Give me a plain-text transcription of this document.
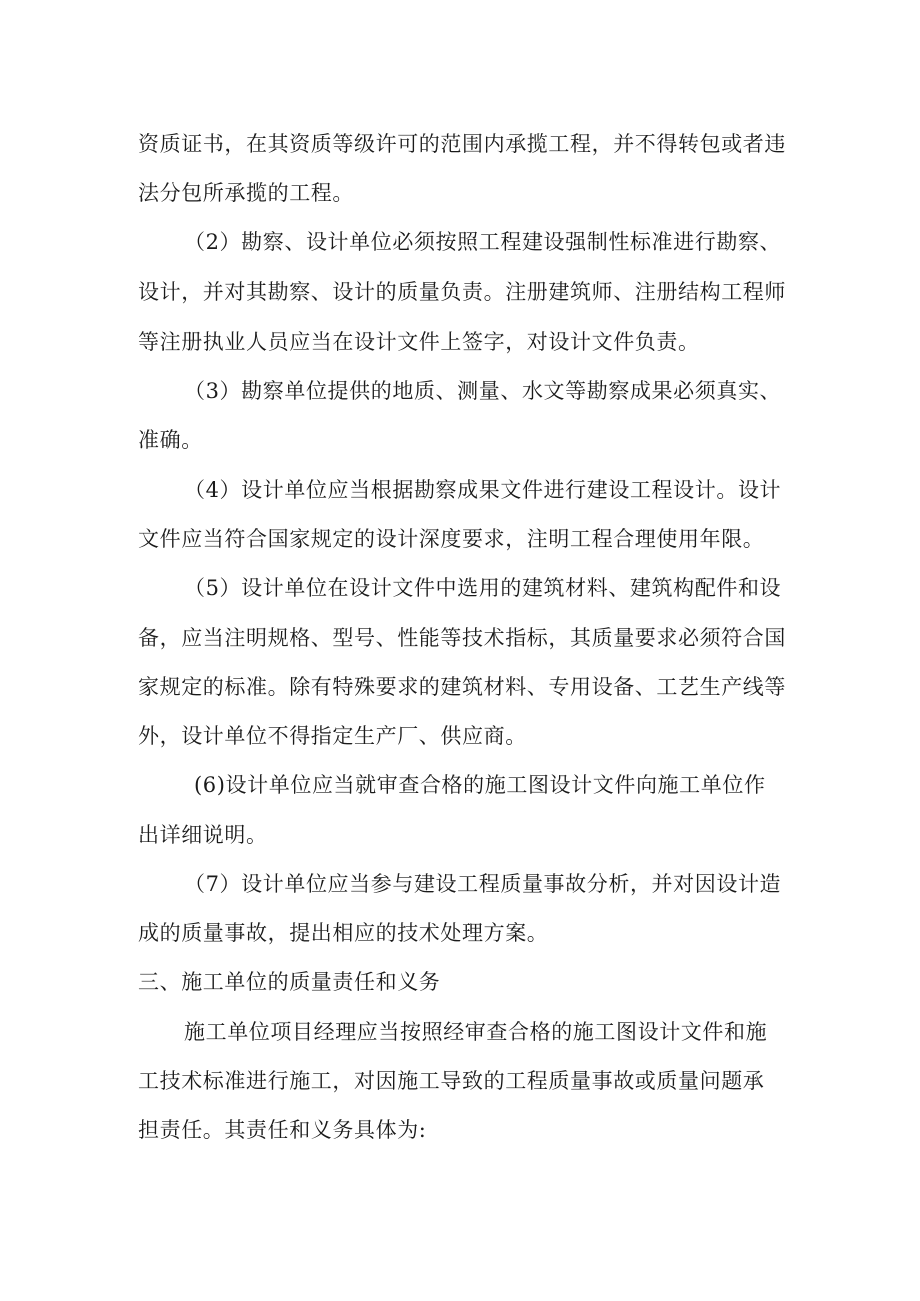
资质证书，在其资质等级许可的范围内承揽工程，并不得转包或者违
法分包所承揽的工程。
（2）勘察、设计单位必须按照工程建设强制性标准进行勘察、
设计，并对其勘察、设计的质量负责。注册建筑师、注册结构工程师
等注册执业人员应当在设计文件上签字，对设计文件负责。
（3）勘察单位提供的地质、测量、水文等勘察成果必须真实、
准确。
（4）设计单位应当根据勘察成果文件进行建设工程设计。设计
文件应当符合国家规定的设计深度要求，注明工程合理使用年限。
（5）设计单位在设计文件中选用的建筑材料、建筑构配件和设
备，应当注明规格、型号、性能等技术指标，其质量要求必须符合国
家规定的标准。除有特殊要求的建筑材料、专用设备、工艺生产线等
外，设计单位不得指定生产厂、供应商。
(6)设计单位应当就审查合格的施工图设计文件向施工单位作
出详细说明。
（7）设计单位应当参与建设工程质量事故分析，并对因设计造
成的质量事故，提出相应的技术处理方案。
三、施工单位的质量责任和义务
施工单位项目经理应当按照经审查合格的施工图设计文件和施
工技术标准进行施工，对因施工导致的工程质量事故或质量问题承
担责任。其责任和义务具体为:
